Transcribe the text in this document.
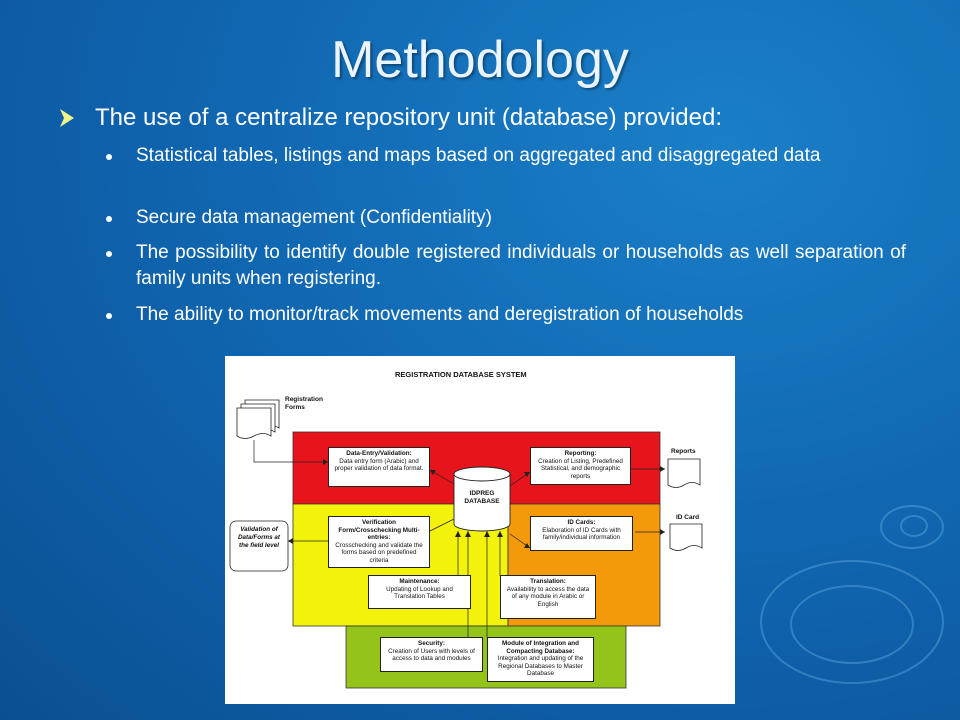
Methodology
The use of a centralize repository unit (database) provided:
Statistical tables, listings and maps based on aggregated and disaggregated data
Secure data management (Confidentiality)
The possibility to identify double registered individuals or households as well separation of family units when registering.
The ability to monitor/track movements and deregistration of households
REGISTRATION DATABASE SYSTEM
Registration Forms
Reports
ID Card
Validation of Data/Forms at the field level
IDPREG
DATABASE
Data-Entry/Validation:
Data entry form (Arabic) and proper validation of data format.
Reporting:
Creation of Listing, Predefined Statistical, and demographic reports
Verification Form/Crosschecking Multi-entries:
Crosschecking and validate the forms based on predefined criteria
ID Cards:
Elaboration of ID Cards with family/individual information
Maintenance:
Updating of Lookup and Translation Tables
Translation:
Availability to access the data of any module in Arabic or English
Security:
Creation of Users with levels of access to data and modules
Module of Integration and Compacting Database:
Integration and updating of the Regional Databases to Master Database
